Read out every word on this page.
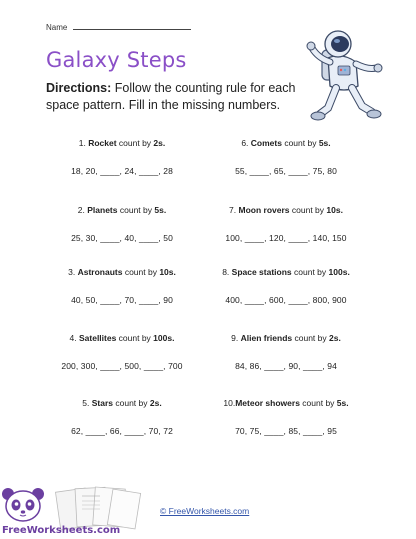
Name
Galaxy Steps
Directions: Follow the counting rule for each space pattern. Fill in the missing numbers.
1. Rocket count by 2s.
18, 20, ____, 24, ____, 28
2. Planets count by 5s.
25, 30, ____, 40, ____, 50
3. Astronauts count by 10s.
40, 50, ____, 70, ____, 90
4. Satellites count by 100s.
200, 300, ____, 500, ____, 700
5. Stars count by 2s.
62, ____, 66, ____, 70, 72
6. Comets count by 5s.
55, ____, 65, ____, 75, 80
7. Moon rovers count by 10s.
100, ____, 120, ____, 140, 150
8. Space stations count by 100s.
400, ____, 600, ____, 800, 900
9. Alien friends count by 2s.
84, 86, ____, 90, ____, 94
10.Meteor showers count by 5s.
70, 75, ____, 85, ____, 95
FreeWorksheets.com
© FreeWorksheets.com
